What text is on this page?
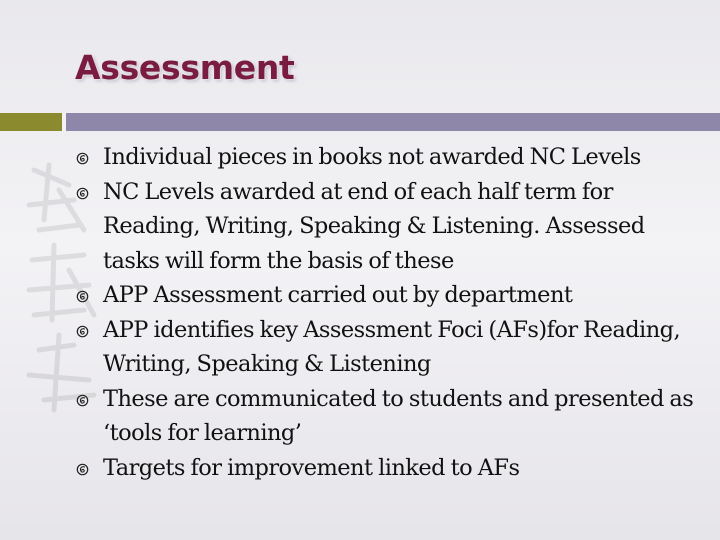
Assessment
Individual pieces in books not awarded NC Levels
NC Levels awarded at end of each half term for Reading, Writing, Speaking & Listening. Assessed tasks will form the basis of these
APP Assessment carried out by department
APP identifies key Assessment Foci (AFs)for Reading, Writing, Speaking & Listening
These are communicated to students and presented as ‘tools for learning’
Targets for improvement linked to AFs
